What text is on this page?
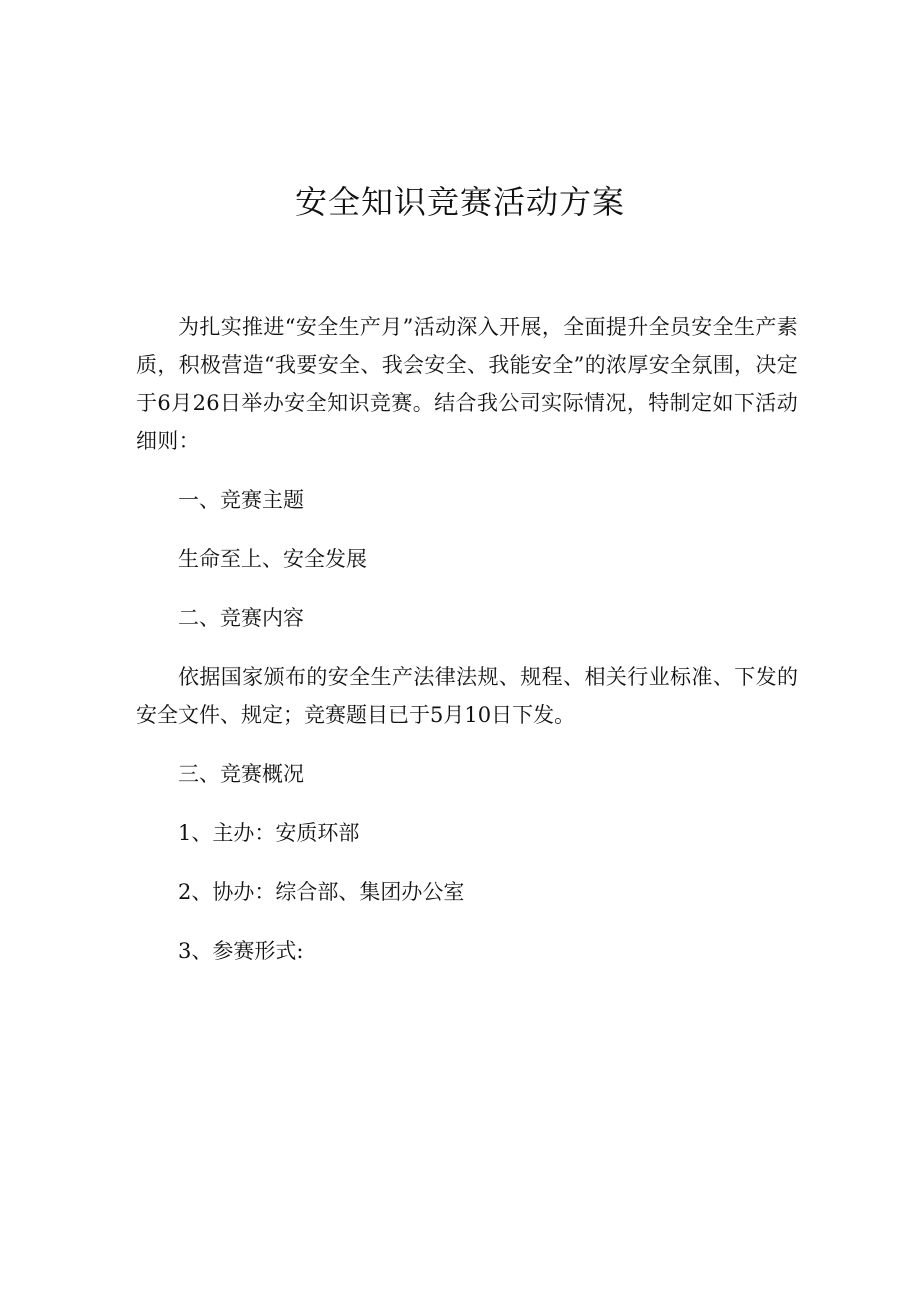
安全知识竞赛活动方案

为扎实推进“安全生产月”活动深入开展，全面提升全员安全生产素质，积极营造“我要安全、我会安全、我能安全”的浓厚安全氛围，决定于6月26日举办安全知识竞赛。结合我公司实际情况，特制定如下活动细则：

一、竞赛主题

生命至上、安全发展

二、竞赛内容

依据国家颁布的安全生产法律法规、规程、相关行业标准、下发的安全文件、规定；竞赛题目已于5月10日下发。

三、竞赛概况

1、主办：安质环部

2、协办：综合部、集团办公室

3、参赛形式:
